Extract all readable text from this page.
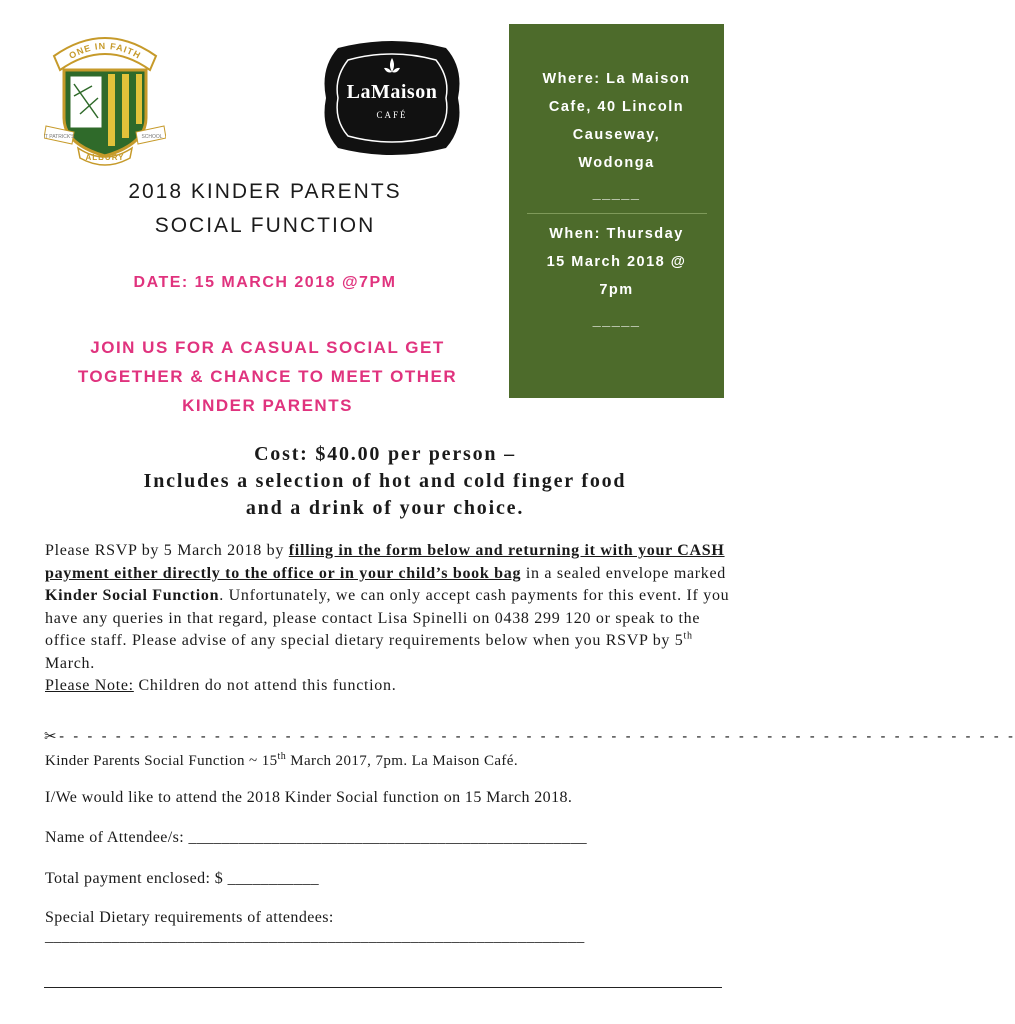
ONE IN FAITH
ST PATRICK'S	SCHOOL
ALBURY
LaMaison
CAFÉ
2018 KINDER PARENTS
SOCIAL FUNCTION
DATE: 15 MARCH 2018 @7PM
JOIN US FOR A CASUAL SOCIAL GET
TOGETHER & CHANCE TO MEET OTHER
KINDER PARENTS
Where: La Maison
Cafe, 40 Lincoln
Causeway,
Wodonga
_____
When: Thursday
15 March 2018 @
7pm
_____
Cost: $40.00 per person –
Includes a selection of hot and cold finger food
and a drink of your choice.
Please RSVP by 5 March 2018 by filling in the form below and returning it with your CASH payment either directly to the office or in your child’s book bag in a sealed envelope marked Kinder Social Function. Unfortunately, we can only accept cash payments for this event. If you have any queries in that regard, please contact Lisa Spinelli on 0438 299 120 or speak to the office staff. Please advise of any special dietary requirements below when you RSVP by 5th March.
Please Note: Children do not attend this function.
✂- - - - - - - - - - - - - - - - - - - - - - - - - - - - - - - - - - - - - - - - - - - - - - - - - - - - - - - - - - - - - - - - - - - -
Kinder Parents Social Function ~ 15th March 2017, 7pm. La Maison Café.
I/We would like to attend the 2018 Kinder Social function on 15 March 2018.
Name of Attendee/s: ________________________________________________
Total payment enclosed: $ ___________
Special Dietary requirements of attendees:
_________________________________________________________________
